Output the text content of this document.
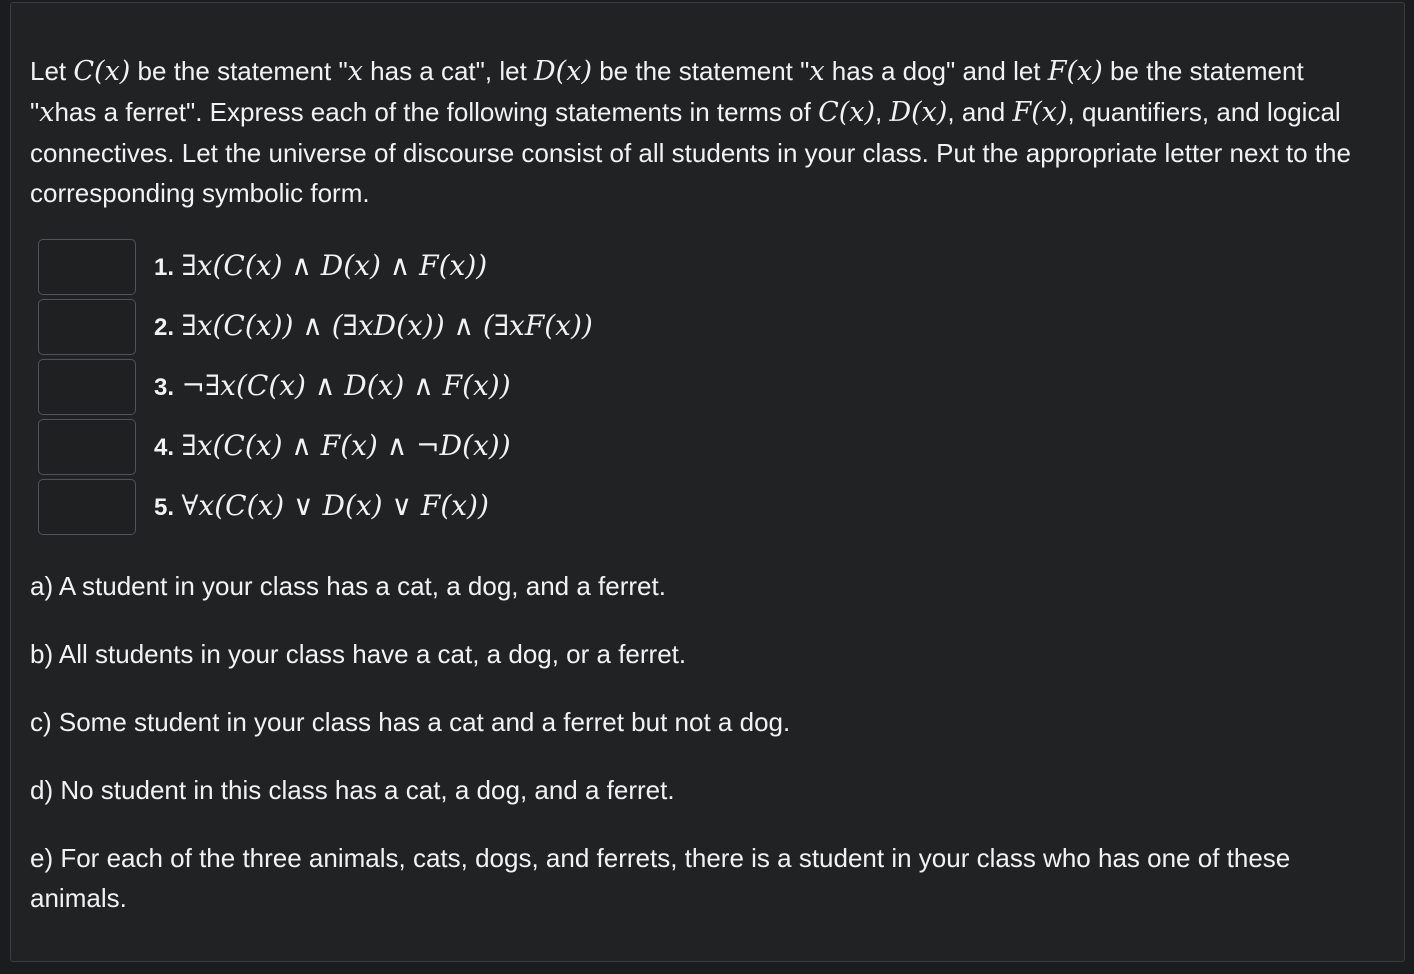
Let C(x) be the statement "x has a cat", let D(x) be the statement "x has a dog" and let F(x) be the statement "xhas a ferret". Express each of the following statements in terms of C(x), D(x), and F(x), quantifiers, and logical connectives. Let the universe of discourse consist of all students in your class. Put the appropriate letter next to the corresponding symbolic form.

1. ∃x(C(x) ∧ D(x) ∧ F(x))
2. ∃x(C(x)) ∧ (∃xD(x)) ∧ (∃xF(x))
3. ¬∃x(C(x) ∧ D(x) ∧ F(x))
4. ∃x(C(x) ∧ F(x) ∧ ¬D(x))
5. ∀x(C(x) ∨ D(x) ∨ F(x))

a) A student in your class has a cat, a dog, and a ferret.

b) All students in your class have a cat, a dog, or a ferret.

c) Some student in your class has a cat and a ferret but not a dog.

d) No student in this class has a cat, a dog, and a ferret.

e) For each of the three animals, cats, dogs, and ferrets, there is a student in your class who has one of these animals.
